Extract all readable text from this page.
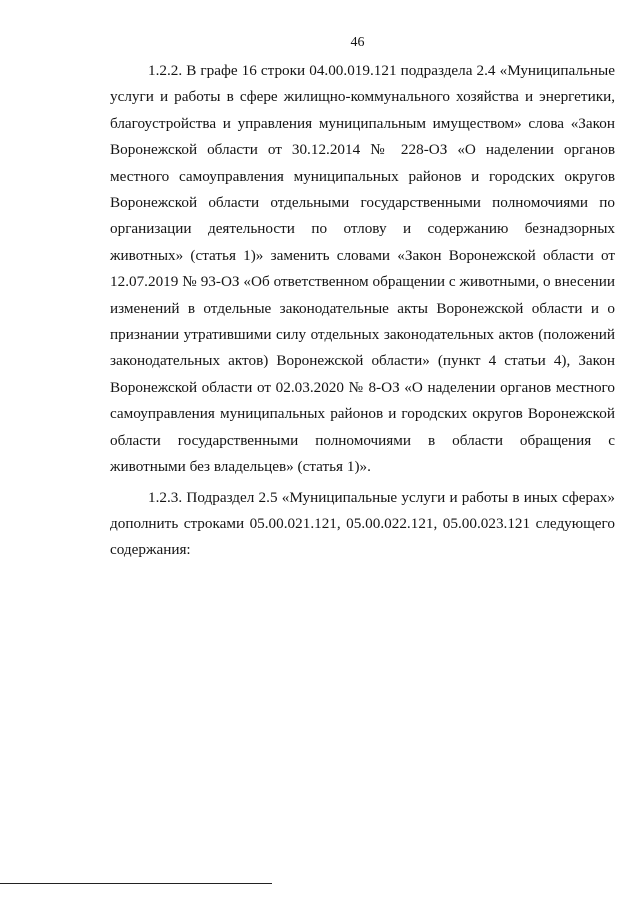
46

1.2.2. В графе 16 строки 04.00.019.121 подраздела 2.4 «Муниципальные услуги и работы в сфере жилищно-коммунального хозяйства и энергетики, благоустройства и управления муниципальным имуществом» слова «Закон Воронежской области от 30.12.2014 № 228-ОЗ «О наделении органов местного самоуправления муниципальных районов и городских округов Воронежской области отдельными государственными полномочиями по организации деятельности по отлову и содержанию безнадзорных животных» (статья 1)» заменить словами «Закон Воронежской области от 12.07.2019 № 93-ОЗ «Об ответственном обращении с животными, о внесении изменений в отдельные законодательные акты Воронежской области и о признании утратившими силу отдельных законодательных актов (положений законодательных актов) Воронежской области» (пункт 4 статьи 4), Закон Воронежской области от 02.03.2020 № 8-ОЗ «О наделении органов местного самоуправления муниципальных районов и городских округов Воронежской области государственными полномочиями в области обращения с животными без владельцев» (статья 1)».

1.2.3. Подраздел 2.5 «Муниципальные услуги и работы в иных сферах» дополнить строками 05.00.021.121, 05.00.022.121, 05.00.023.121 следующего содержания:
